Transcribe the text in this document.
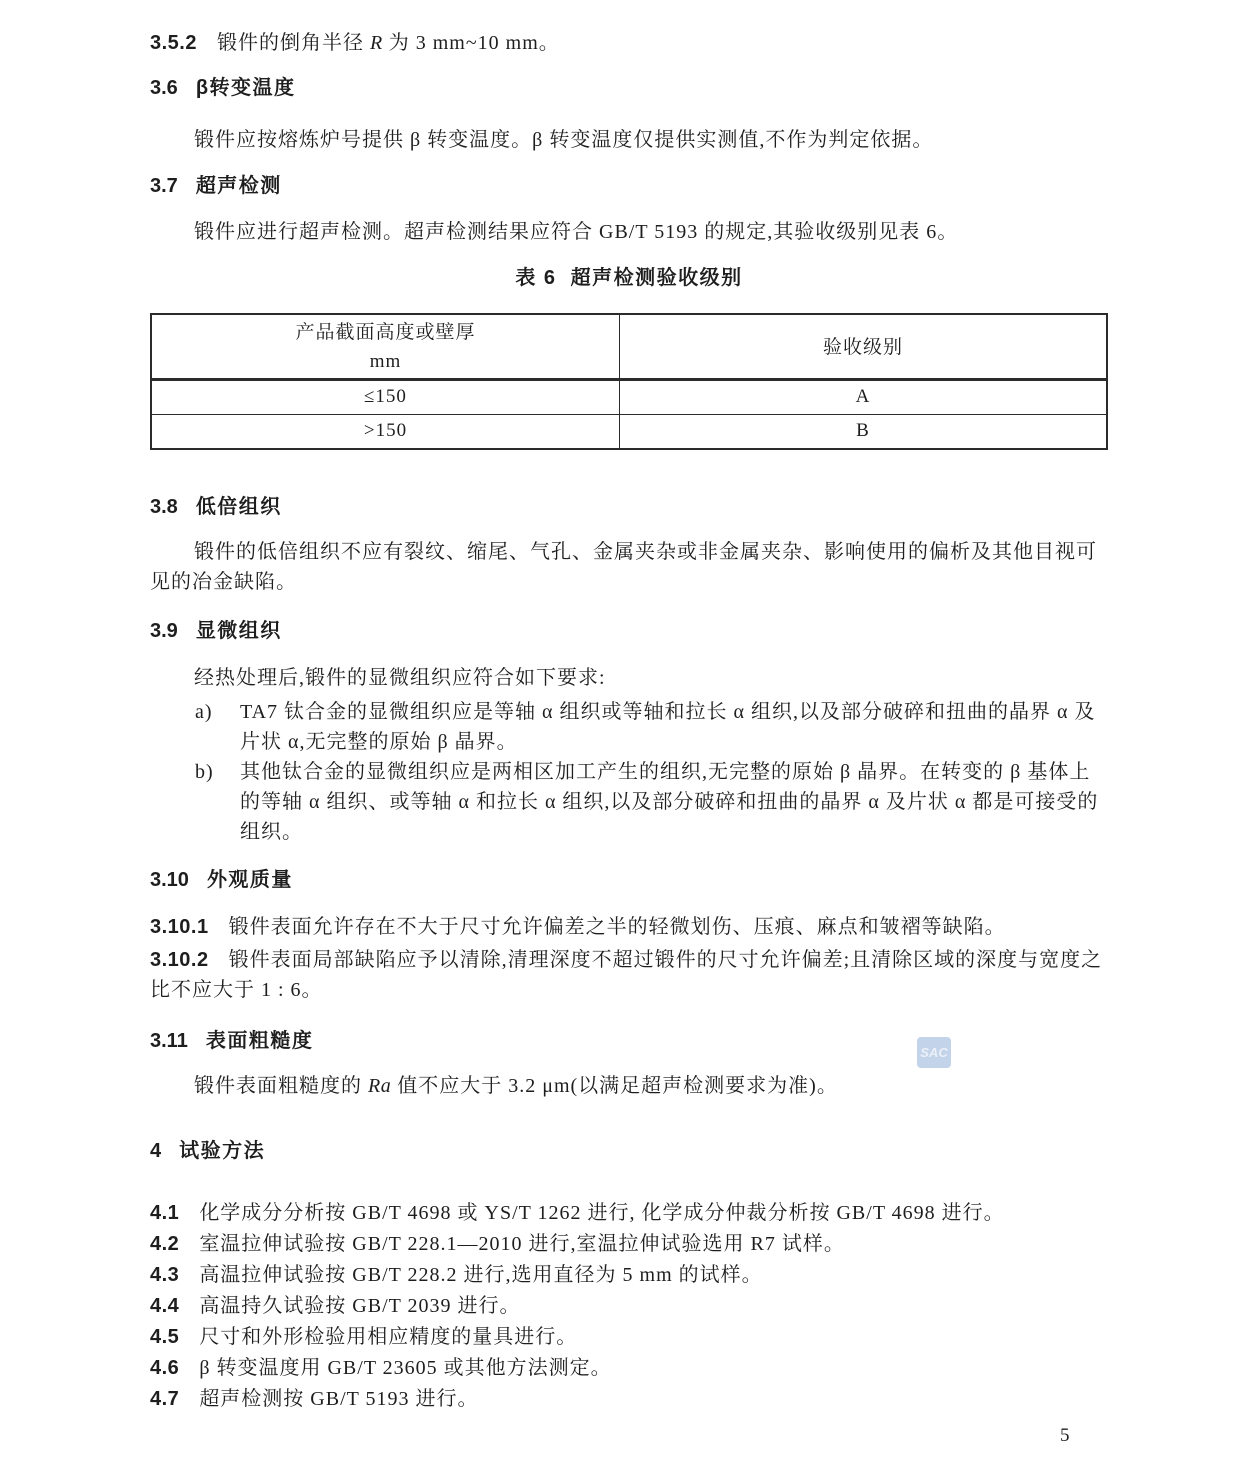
3.5.2 锻件的倒角半径 R 为 3 mm~10 mm。

3.6 β转变温度

锻件应按熔炼炉号提供 β 转变温度。β 转变温度仅提供实测值,不作为判定依据。

3.7 超声检测

锻件应进行超声检测。超声检测结果应符合 GB/T 5193 的规定,其验收级别见表 6。

表 6  超声检测验收级别

产品截面高度或壁厚
mm	验收级别
≤150	A
>150	B
3.8 低倍组织

锻件的低倍组织不应有裂纹、缩尾、气孔、金属夹杂或非金属夹杂、影响使用的偏析及其他目视可见的冶金缺陷。

3.9 显微组织

经热处理后,锻件的显微组织应符合如下要求:

a)	TA7 钛合金的显微组织应是等轴 α 组织或等轴和拉长 α 组织,以及部分破碎和扭曲的晶界 α 及片状 α,无完整的原始 β 晶界。
b)	其他钛合金的显微组织应是两相区加工产生的组织,无完整的原始 β 晶界。在转变的 β 基体上的等轴 α 组织、或等轴 α 和拉长 α 组织,以及部分破碎和扭曲的晶界 α 及片状 α 都是可接受的组织。
3.10 外观质量

3.10.1 锻件表面允许存在不大于尺寸允许偏差之半的轻微划伤、压痕、麻点和皱褶等缺陷。

3.10.2 锻件表面局部缺陷应予以清除,清理深度不超过锻件的尺寸允许偏差;且清除区域的深度与宽度之比不应大于 1 : 6。

3.11 表面粗糙度

锻件表面粗糙度的 Ra 值不应大于 3.2 μm(以满足超声检测要求为准)。

4 试验方法

4.1 化学成分分析按 GB/T 4698 或 YS/T 1262 进行, 化学成分仲裁分析按 GB/T 4698 进行。

4.2 室温拉伸试验按 GB/T 228.1—2010 进行,室温拉伸试验选用 R7 试样。

4.3 高温拉伸试验按 GB/T 228.2 进行,选用直径为 5 mm 的试样。

4.4 高温持久试验按 GB/T 2039 进行。

4.5 尺寸和外形检验用相应精度的量具进行。

4.6 β 转变温度用 GB/T 23605 或其他方法测定。

4.7 超声检测按 GB/T 5193 进行。

SAC
5
